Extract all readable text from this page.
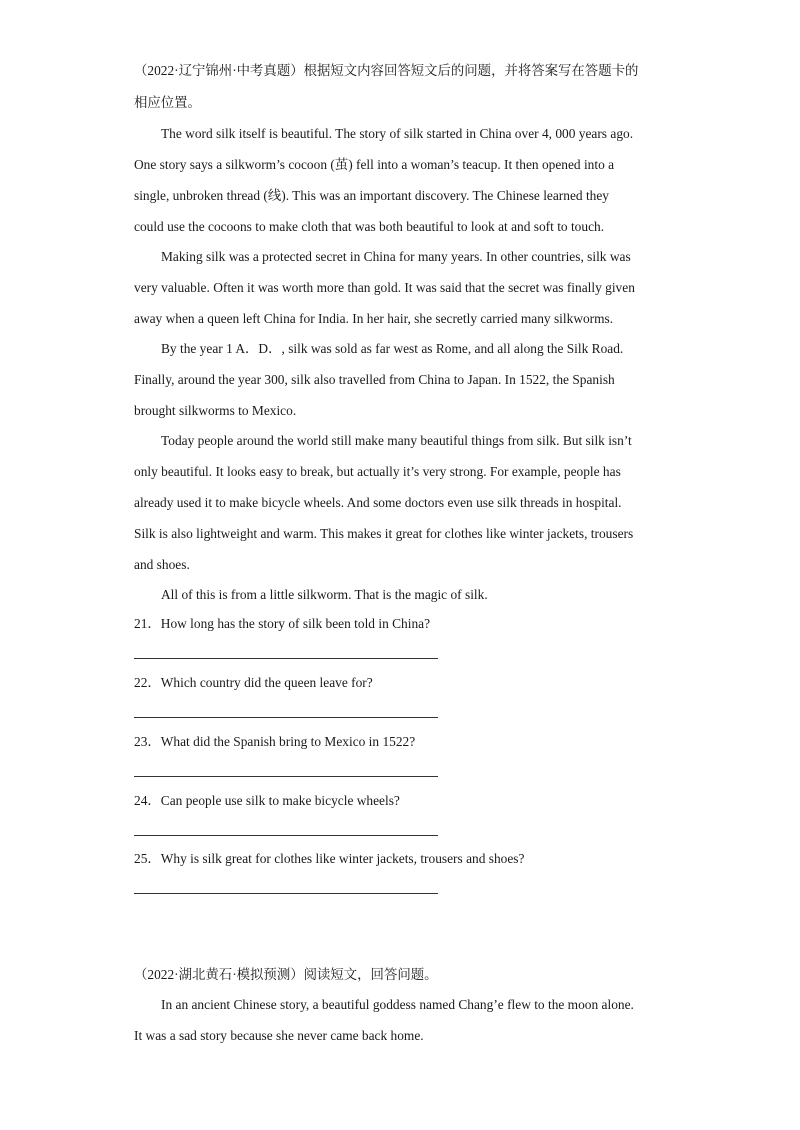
（2022·辽宁锦州·中考真题）根据短文内容回答短文后的问题，并将答案写在答题卡的
相应位置。
The word silk itself is beautiful. The story of silk started in China over 4, 000 years ago.
One story says a silkworm’s cocoon (茧) fell into a woman’s teacup. It then opened into a
single, unbroken thread (线). This was an important discovery. The Chinese learned they
could use the cocoons to make cloth that was both beautiful to look at and soft to touch.
Making silk was a protected secret in China for many years. In other countries, silk was
very valuable. Often it was worth more than gold. It was said that the secret was finally given
away when a queen left China for India. In her hair, she secretly carried many silkworms.
By the year 1 A．D．, silk was sold as far west as Rome, and all along the Silk Road.
Finally, around the year 300, silk also travelled from China to Japan. In 1522, the Spanish
brought silkworms to Mexico.
Today people around the world still make many beautiful things from silk. But silk isn’t
only beautiful. It looks easy to break, but actually it’s very strong. For example, people has
already used it to make bicycle wheels. And some doctors even use silk threads in hospital.
Silk is also lightweight and warm. This makes it great for clothes like winter jackets, trousers
and shoes.
All of this is from a little silkworm. That is the magic of silk.
21．How long has the story of silk been told in China?
22．Which country did the queen leave for?
23．What did the Spanish bring to Mexico in 1522?
24．Can people use silk to make bicycle wheels?
25．Why is silk great for clothes like winter jackets, trousers and shoes?
（2022·湖北黄石·模拟预测）阅读短文，回答问题。
In an ancient Chinese story, a beautiful goddess named Chang’e flew to the moon alone.
It was a sad story because she never came back home.
